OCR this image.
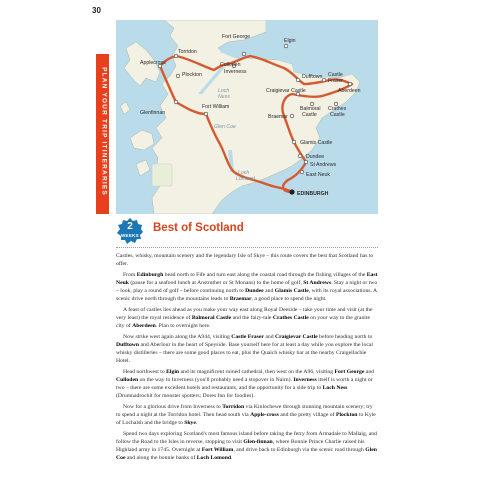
30
PLAN YOUR TRIP ITINERARIES
Torridon
Applecross
Plockton
Fort George
Elgin
Culloden
Inverness
Dufftown
Loch
Ness
Castle
Fraser
Craigievar Castle	Aberdeen
Glenfinnan
Fort William	Balmoral
Castle
Braemar
Crathes
Castle
Glen Coe
Glamis Castle
Dundee
St Andrews
Loch
Lomond
East Neuk
EDINBURGH
2
WEEKS
Best of Scotland

Castles, whisky, mountain scenery and the legendary Isle of Skye – this route covers the best that Scotland has to offer.

From Edinburgh head north to Fife and turn east along the coastal road through the fishing villages of the East Neuk (pause for a seafood lunch at Anstruther or St Monans) to the home of golf, St Andrews. Stay a night or two – look, play a round of golf – before continuing north to Dundee and Glamis Castle, with its royal associations. A scenic drive north through the mountains leads to Braemar, a good place to spend the night.

A feast of castles lies ahead as you make your way east along Royal Deeside – take your time and visit (at the very least) the royal residence of Balmoral Castle and the fairy-tale Crathes Castle on your way to the granite city of Aberdeen. Plan to overnight here.

Now strike west again along the A944, visiting Castle Fraser and Craigievar Castle before heading north to Dufftown and Aberlour in the heart of Speyside. Base yourself here for at least a day while you explore the local whisky distilleries – there are some good places to eat, plus the Quaich whisky bar at the nearby Craigellachie Hotel.

Head northwest to Elgin and its magnificent ruined cathedral, then west on the A96, visiting Fort George and Culloden on the way to Inverness (you'll probably need a stopover in Nairn). Inverness itself is worth a night or two – there are some excellent hotels and restaurants, and the opportunity for a side trip to Loch Ness (Drumnadrochit for monster spotters; Dores Inn for foodies).

Now for a glorious drive from Inverness to Torridon via Kinlochewe through stunning mountain scenery; try to spend a night at the Torridon hotel. Then head south via Apple-cross and the pretty village of Plockton to Kyle of Lochalsh and the bridge to Skye.

Spend two days exploring Scotland's most famous island before taking the ferry from Armadale to Mallaig, and follow the Road to the Isles in reverse, stopping to visit Glen-finnan, where Bonnie Prince Charlie raised his Highland army in 1745. Overnight at Fort William, and drive back to Edinburgh via the scenic road through Glen Coe and along the bonnie banks of Loch Lomond.
